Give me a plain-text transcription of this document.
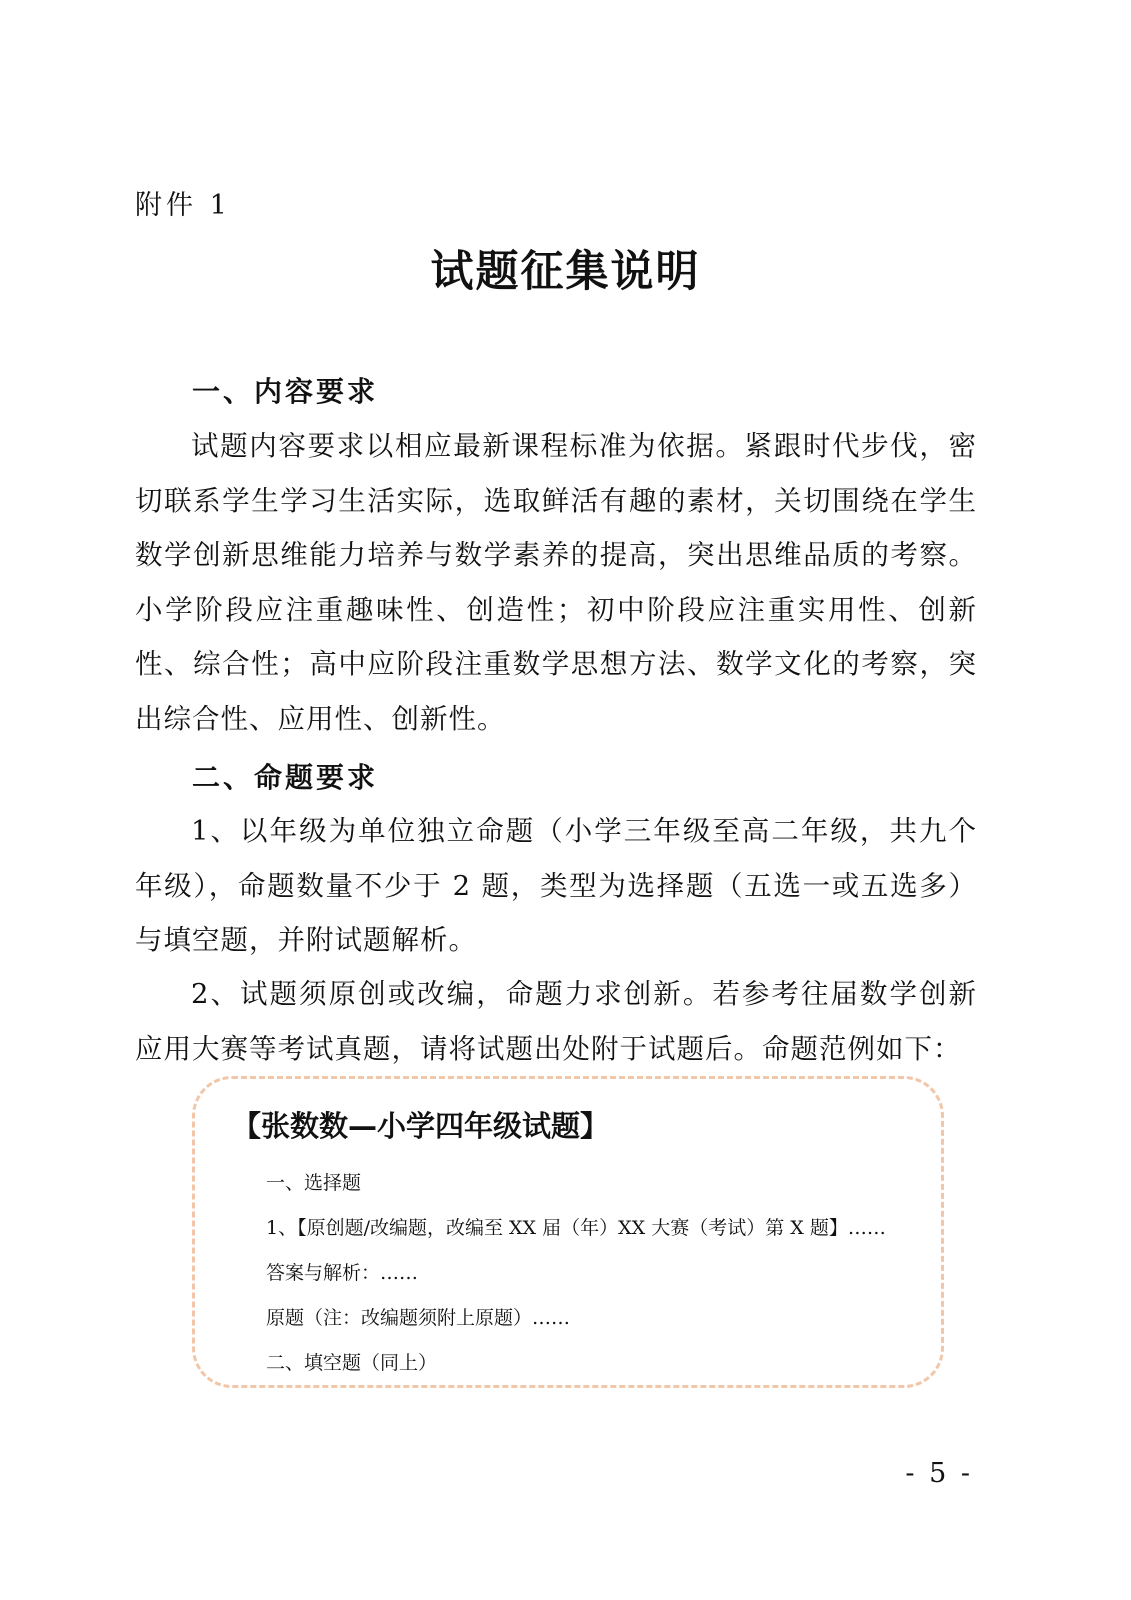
附件 1
试题征集说明
一、内容要求
试题内容要求以相应最新课程标准为依据。紧跟时代步伐，密切联系学生学习生活实际，选取鲜活有趣的素材，关切围绕在学生数学创新思维能力培养与数学素养的提高，突出思维品质的考察。小学阶段应注重趣味性、创造性；初中阶段应注重实用性、创新性、综合性；高中应阶段注重数学思想方法、数学文化的考察，突出综合性、应用性、创新性。
二、命题要求
1、以年级为单位独立命题（小学三年级至高二年级，共九个年级），命题数量不少于 2 题，类型为选择题（五选一或五选多）与填空题，并附试题解析。
2、试题须原创或改编，命题力求创新。若参考往届数学创新应用大赛等考试真题，请将试题出处附于试题后。命题范例如下：
【张数数—小学四年级试题】
一、选择题
1、【原创题/改编题，改编至 XX 届（年）XX 大赛（考试）第 X 题】……
答案与解析：……
原题（注：改编题须附上原题）……
二、填空题（同上）
- 5 -
